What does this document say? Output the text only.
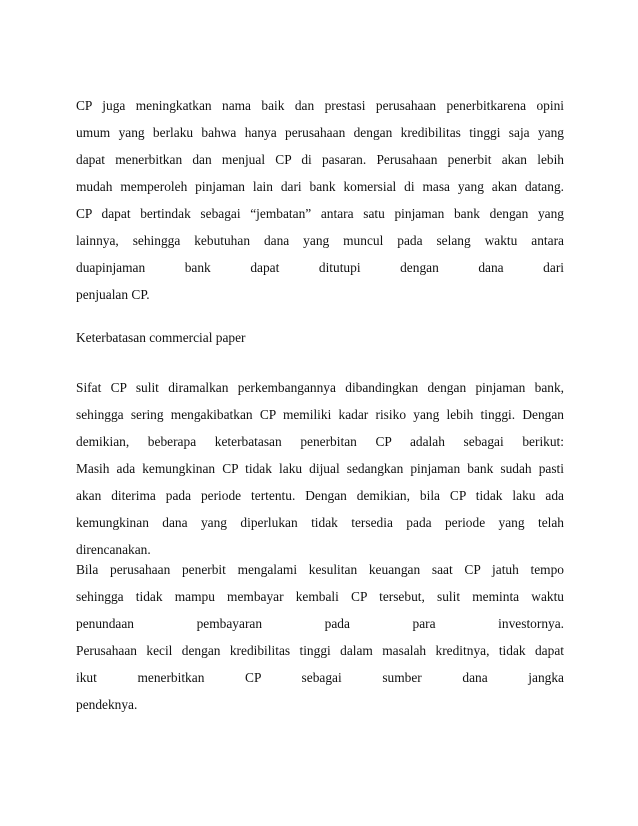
CP juga meningkatkan nama baik dan prestasi perusahaan penerbitkarena opini
umum yang berlaku bahwa hanya perusahaan dengan kredibilitas tinggi saja yang
dapat menerbitkan dan menjual CP di pasaran. Perusahaan penerbit akan lebih
mudah memperoleh pinjaman lain dari bank komersial di masa yang akan datang.
CP dapat bertindak sebagai “jembatan” antara satu pinjaman bank dengan yang
lainnya, sehingga kebutuhan dana yang muncul pada selang waktu antara
duapinjaman bank dapat ditutupi dengan dana dari
penjualan CP.
Keterbatasan commercial paper
Sifat CP sulit diramalkan perkembangannya dibandingkan dengan pinjaman bank,
sehingga sering mengakibatkan CP memiliki kadar risiko yang lebih tinggi. Dengan
demikian, beberapa keterbatasan penerbitan CP adalah sebagai berikut:
Masih ada kemungkinan CP tidak laku dijual sedangkan pinjaman bank sudah pasti
akan diterima pada periode tertentu. Dengan demikian, bila CP tidak laku ada
kemungkinan dana yang diperlukan tidak tersedia pada periode yang telah
direncanakan.
Bila perusahaan penerbit mengalami kesulitan keuangan saat CP jatuh tempo
sehingga tidak mampu membayar kembali CP tersebut, sulit meminta waktu
penundaan pembayaran pada para investornya.
Perusahaan kecil dengan kredibilitas tinggi dalam masalah kreditnya, tidak dapat
ikut menerbitkan CP sebagai sumber dana jangka
pendeknya.
